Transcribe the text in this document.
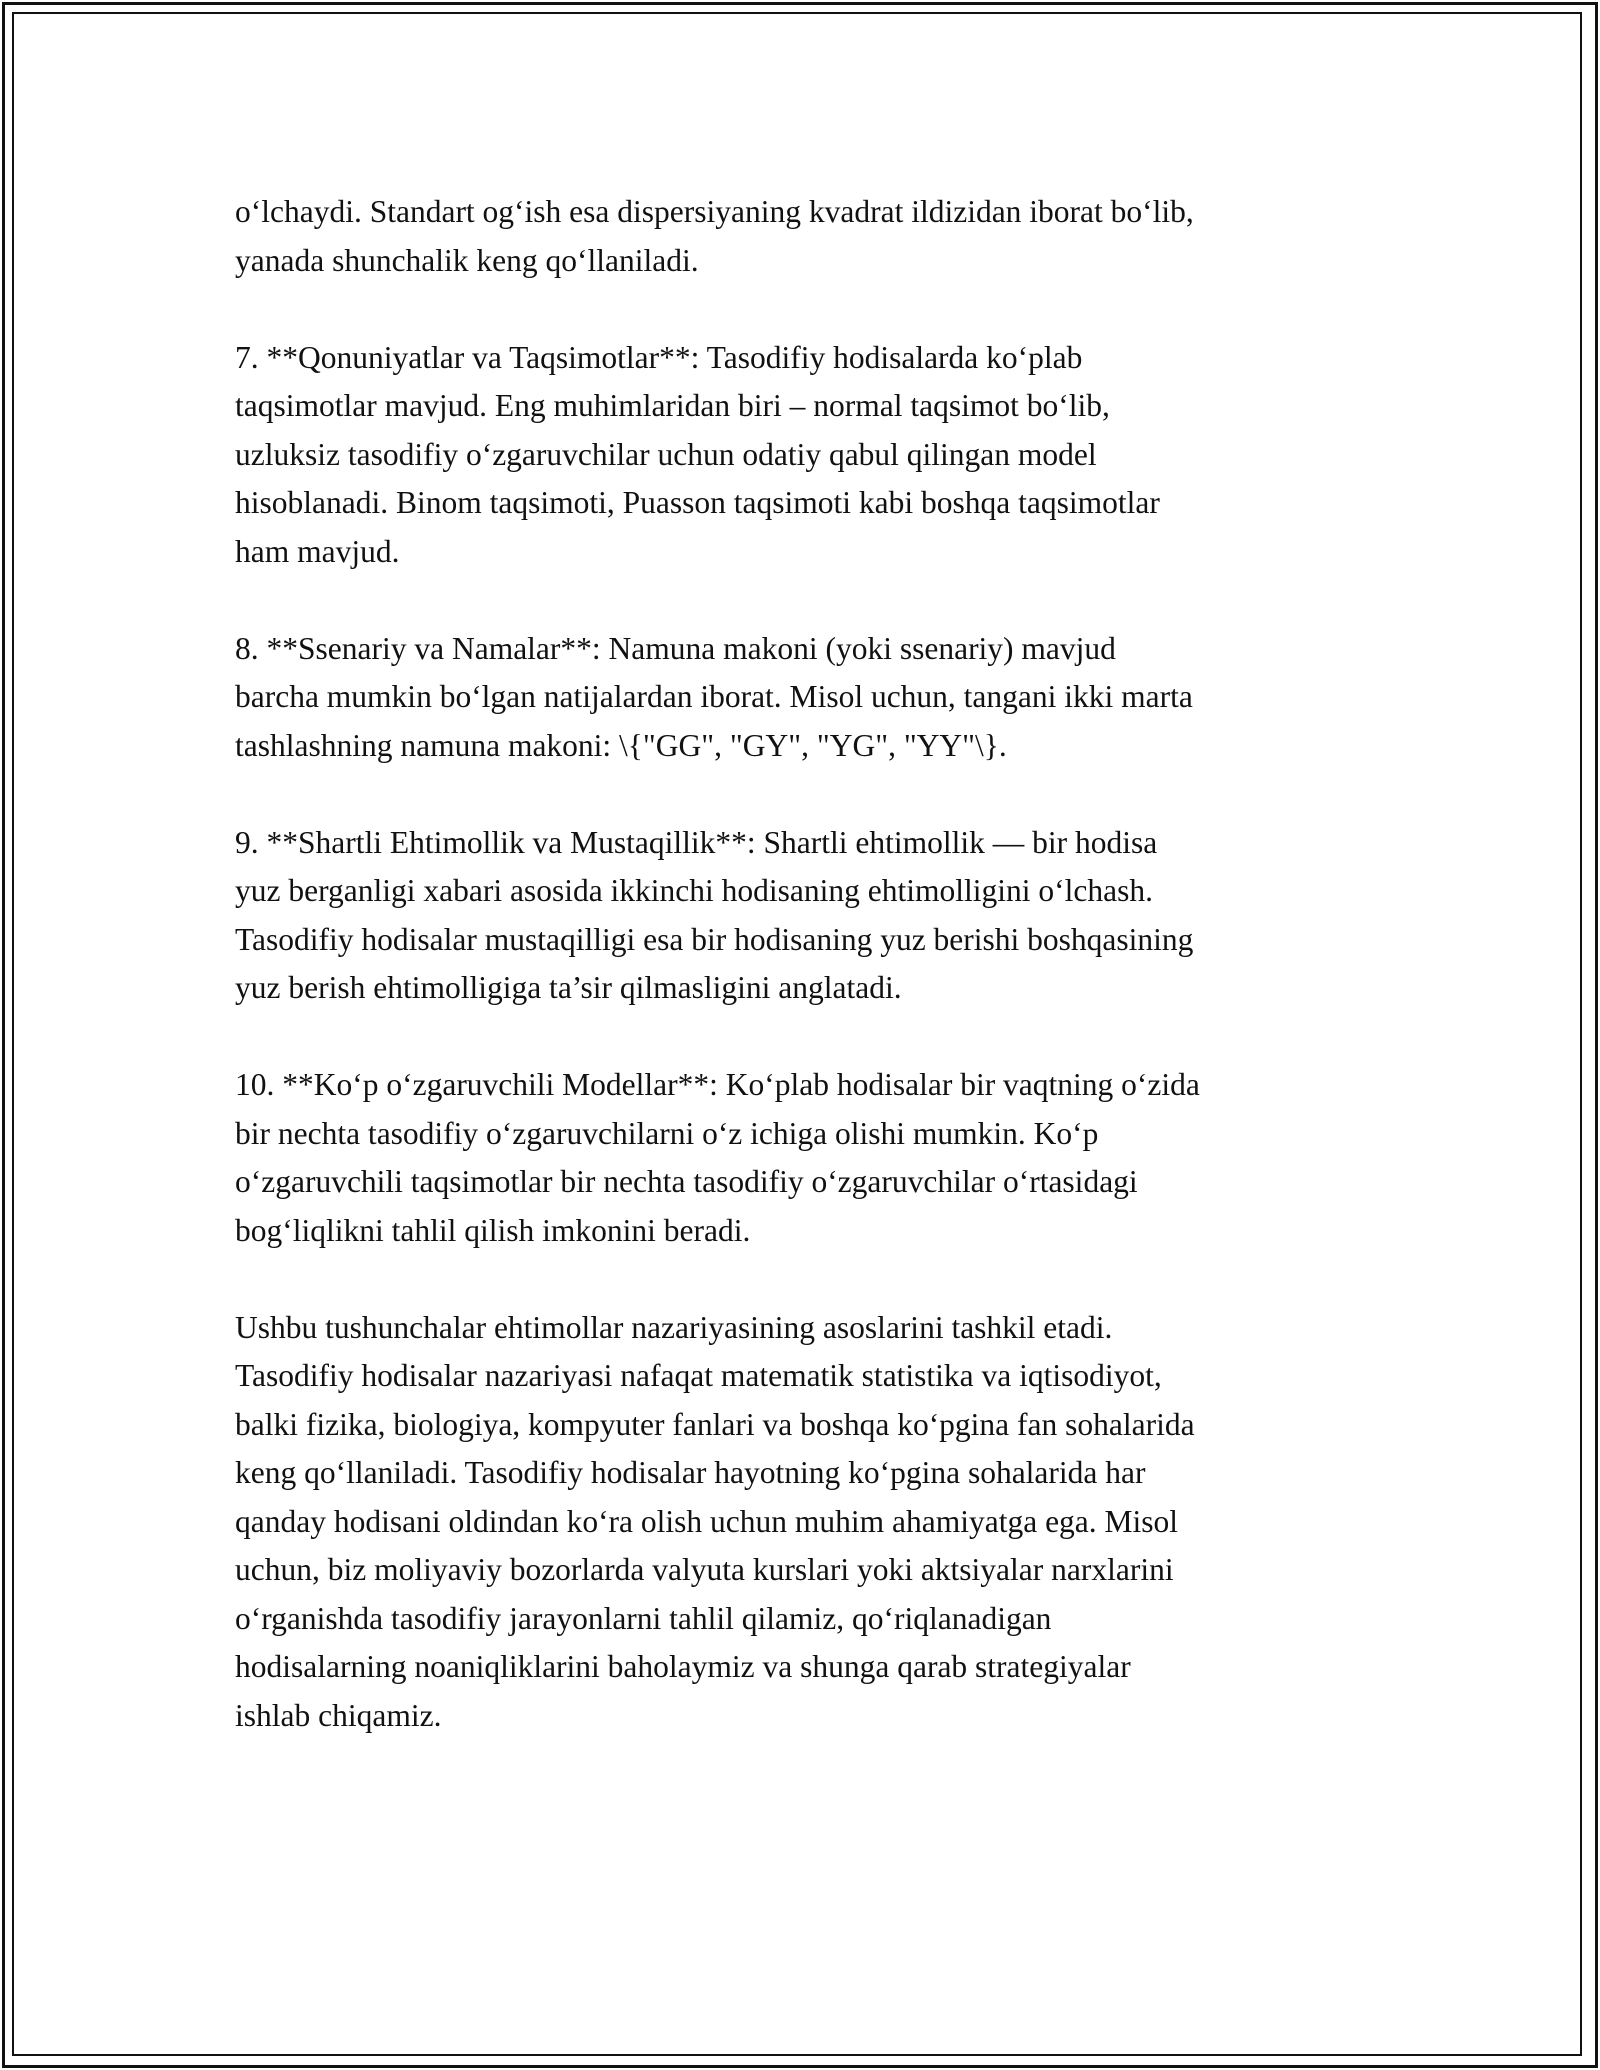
o‘lchaydi. Standart og‘ish esa dispersiyaning kvadrat ildizidan iborat bo‘lib,
yanada shunchalik keng qo‘llaniladi.

7. **Qonuniyatlar va Taqsimotlar**: Tasodifiy hodisalarda ko‘plab
taqsimotlar mavjud. Eng muhimlaridan biri – normal taqsimot bo‘lib,
uzluksiz tasodifiy o‘zgaruvchilar uchun odatiy qabul qilingan model
hisoblanadi. Binom taqsimoti, Puasson taqsimoti kabi boshqa taqsimotlar
ham mavjud.

8. **Ssenariy va Namalar**: Namuna makoni (yoki ssenariy) mavjud
barcha mumkin bo‘lgan natijalardan iborat. Misol uchun, tangani ikki marta
tashlashning namuna makoni: \{"GG", "GY", "YG", "YY"\}.

9. **Shartli Ehtimollik va Mustaqillik**: Shartli ehtimollik — bir hodisa
yuz berganligi xabari asosida ikkinchi hodisaning ehtimolligini o‘lchash.
Tasodifiy hodisalar mustaqilligi esa bir hodisaning yuz berishi boshqasining
yuz berish ehtimolligiga ta’sir qilmasligini anglatadi.

10. **Ko‘p o‘zgaruvchili Modellar**: Ko‘plab hodisalar bir vaqtning o‘zida
bir nechta tasodifiy o‘zgaruvchilarni o‘z ichiga olishi mumkin. Ko‘p
o‘zgaruvchili taqsimotlar bir nechta tasodifiy o‘zgaruvchilar o‘rtasidagi
bog‘liqlikni tahlil qilish imkonini beradi.

Ushbu tushunchalar ehtimollar nazariyasining asoslarini tashkil etadi.
Tasodifiy hodisalar nazariyasi nafaqat matematik statistika va iqtisodiyot,
balki fizika, biologiya, kompyuter fanlari va boshqa ko‘pgina fan sohalarida
keng qo‘llaniladi. Tasodifiy hodisalar hayotning ko‘pgina sohalarida har
qanday hodisani oldindan ko‘ra olish uchun muhim ahamiyatga ega. Misol
uchun, biz moliyaviy bozorlarda valyuta kurslari yoki aktsiyalar narxlarini
o‘rganishda tasodifiy jarayonlarni tahlil qilamiz, qo‘riqlanadigan
hodisalarning noaniqliklarini baholaymiz va shunga qarab strategiyalar
ishlab chiqamiz.
